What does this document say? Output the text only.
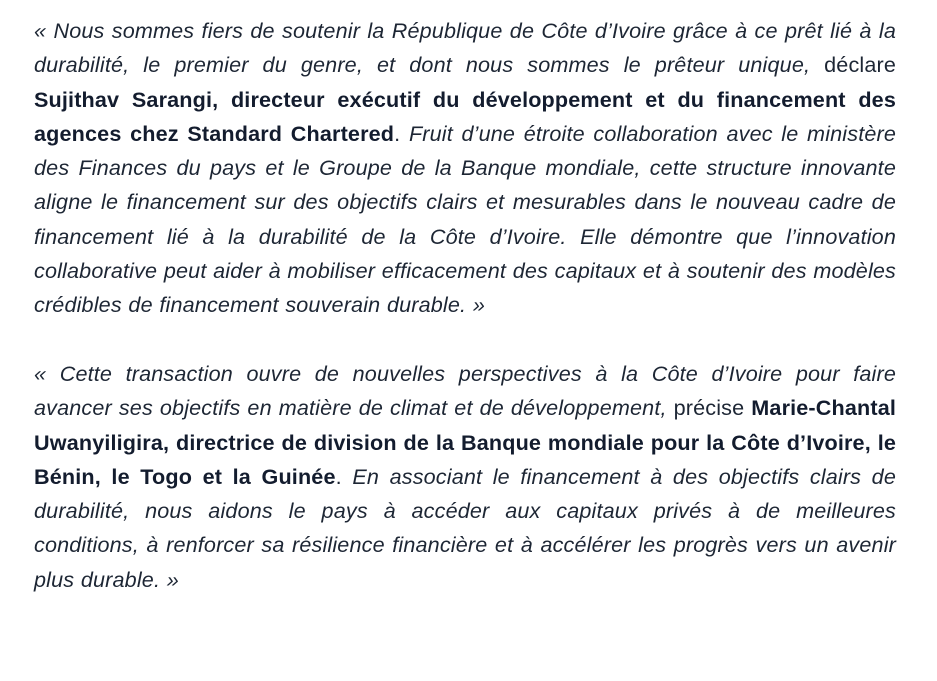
« Nous sommes fiers de soutenir la République de Côte d’Ivoire grâce à ce prêt lié à la durabilité, le premier du genre, et dont nous sommes le prêteur unique, déclare Sujithav Sarangi, directeur exécutif du développement et du financement des agences chez Standard Chartered. Fruit d’une étroite collaboration avec le ministère des Finances du pays et le Groupe de la Banque mondiale, cette structure innovante aligne le financement sur des objectifs clairs et mesurables dans le nouveau cadre de financement lié à la durabilité de la Côte d’Ivoire. Elle démontre que l’innovation collaborative peut aider à mobiliser efficacement des capitaux et à soutenir des modèles crédibles de financement souverain durable. »

« Cette transaction ouvre de nouvelles perspectives à la Côte d’Ivoire pour faire avancer ses objectifs en matière de climat et de développement, précise Marie-Chantal Uwanyiligira, directrice de division de la Banque mondiale pour la Côte d’Ivoire, le Bénin, le Togo et la Guinée. En associant le financement à des objectifs clairs de durabilité, nous aidons le pays à accéder aux capitaux privés à de meilleures conditions, à renforcer sa résilience financière et à accélérer les progrès vers un avenir plus durable. »
